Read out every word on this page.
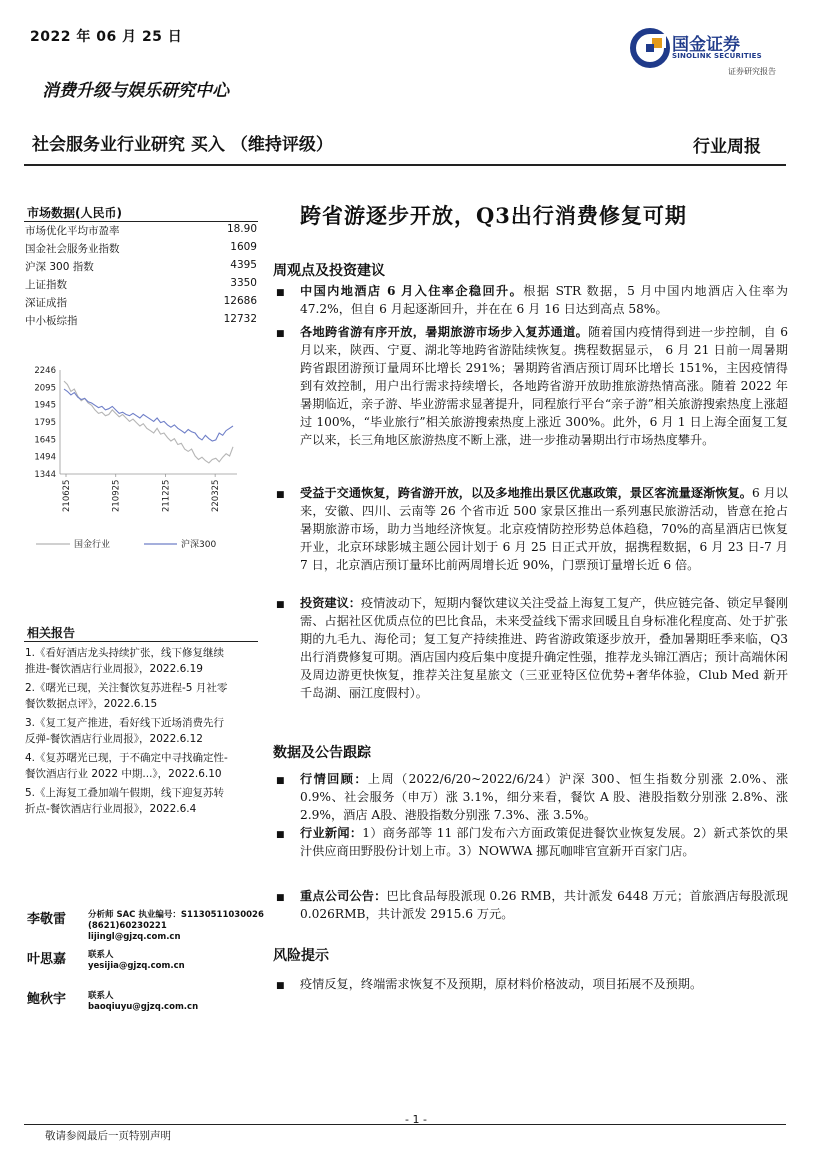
2022 年 06 月 25 日
消费升级与娱乐研究中心
社会服务业行业研究 买入 （维持评级）	行业周报
国金证券
SINOLINK SECURITIES
证券研究报告
市场数据(人民币)
市场优化平均市盈率	18.90
国金社会服务业指数	1609
沪深 300 指数	4395
上证指数	3350
深证成指	12686
中小板综指	12732
2246
2095
1945
1795
1645
1494
1344
210625	210925	211225	220325
国金行业	沪深300
相关报告
1.《看好酒店龙头持续扩张，线下修复继续
推进-餐饮酒店行业周报》，2022.6.19
2.《曙光已现，关注餐饮复苏进程-5 月社零
餐饮数据点评》，2022.6.15
3.《复工复产推进，看好线下近场消费先行
反弹-餐饮酒店行业周报》，2022.6.12
4.《复苏曙光已现，于不确定中寻找确定性-
餐饮酒店行业 2022 中期...》，2022.6.10
5.《上海复工叠加端午假期，线下迎复苏转
折点-餐饮酒店行业周报》，2022.6.4
李敬雷	分析师 SAC 执业编号：S1130511030026
(8621)60230221
lijingl@gjzq.com.cn
叶思嘉	联系人
yesijia@gjzq.com.cn
鲍秋宇	联系人
baoqiuyu@gjzq.com.cn
跨省游逐步开放，Q3出行消费修复可期
周观点及投资建议
■ 中国内地酒店 6 月入住率企稳回升。根据 STR 数据，5 月中国内地酒店入住率为 47.2%，但自 6 月起逐渐回升，并在在 6 月 16 日达到高点 58%。
■ 各地跨省游有序开放，暑期旅游市场步入复苏通道。随着国内疫情得到进一步控制，自 6 月以来，陕西、宁夏、湖北等地跨省游陆续恢复。携程数据显示， 6 月 21 日前一周暑期跨省跟团游预订量周环比增长 291%；暑期跨省酒店预订周环比增长 151%，主因疫情得到有效控制，用户出行需求持续增长，各地跨省游开放助推旅游热情高涨。随着 2022 年暑期临近，亲子游、毕业游需求显著提升，同程旅行平台“亲子游”相关旅游搜索热度上涨超过 100%，“毕业旅行”相关旅游搜索热度上涨近 300%。此外，6 月 1 日上海全面复工复产以来，长三角地区旅游热度不断上涨，进一步推动暑期出行市场热度攀升。
■ 受益于交通恢复，跨省游开放，以及多地推出景区优惠政策，景区客流量逐渐恢复。6 月以来，安徽、四川、云南等 26 个省市近 500 家景区推出一系列惠民旅游活动，皆意在抢占暑期旅游市场，助力当地经济恢复。北京疫情防控形势总体趋稳，70%的高星酒店已恢复开业，北京环球影城主题公园计划于 6 月 25 日正式开放，据携程数据，6 月 23 日-7 月 7 日，北京酒店预订量环比前两周增长近 90%，门票预订量增长近 6 倍。
■ 投资建议：疫情波动下，短期内餐饮建议关注受益上海复工复产，供应链完备、锁定早餐刚需、占据社区优质点位的巴比食品，未来受益线下需求回暖且自身标准化程度高、处于扩张期的九毛九、海伦司；复工复产持续推进、跨省游政策逐步放开，叠加暑期旺季来临，Q3 出行消费修复可期。酒店国内疫后集中度提升确定性强，推荐龙头锦江酒店；预计高端休闲及周边游更快恢复，推荐关注复星旅文（三亚亚特区位优势+奢华体验，Club Med 新开千岛湖、丽江度假村）。
数据及公告跟踪
■ 行情回顾：上周（2022/6/20~2022/6/24）沪深 300、恒生指数分别涨 2.0%、涨 0.9%、社会服务（申万）涨 3.1%，细分来看，餐饮 A 股、港股指数分别涨 2.8%、涨 2.9%，酒店 A股、港股指数分别涨 7.3%、涨 3.5%。
■ 行业新闻：1）商务部等 11 部门发布六方面政策促进餐饮业恢复发展。2）新式茶饮的果汁供应商田野股份计划上市。3）NOWWA 挪瓦咖啡官宣新开百家门店。
■ 重点公司公告：巴比食品每股派现 0.26 RMB，共计派发 6448 万元；首旅酒店每股派现 0.026RMB，共计派发 2915.6 万元。
风险提示
■ 疫情反复，终端需求恢复不及预期，原材料价格波动，项目拓展不及预期。
- 1 -
敬请参阅最后一页特别声明
